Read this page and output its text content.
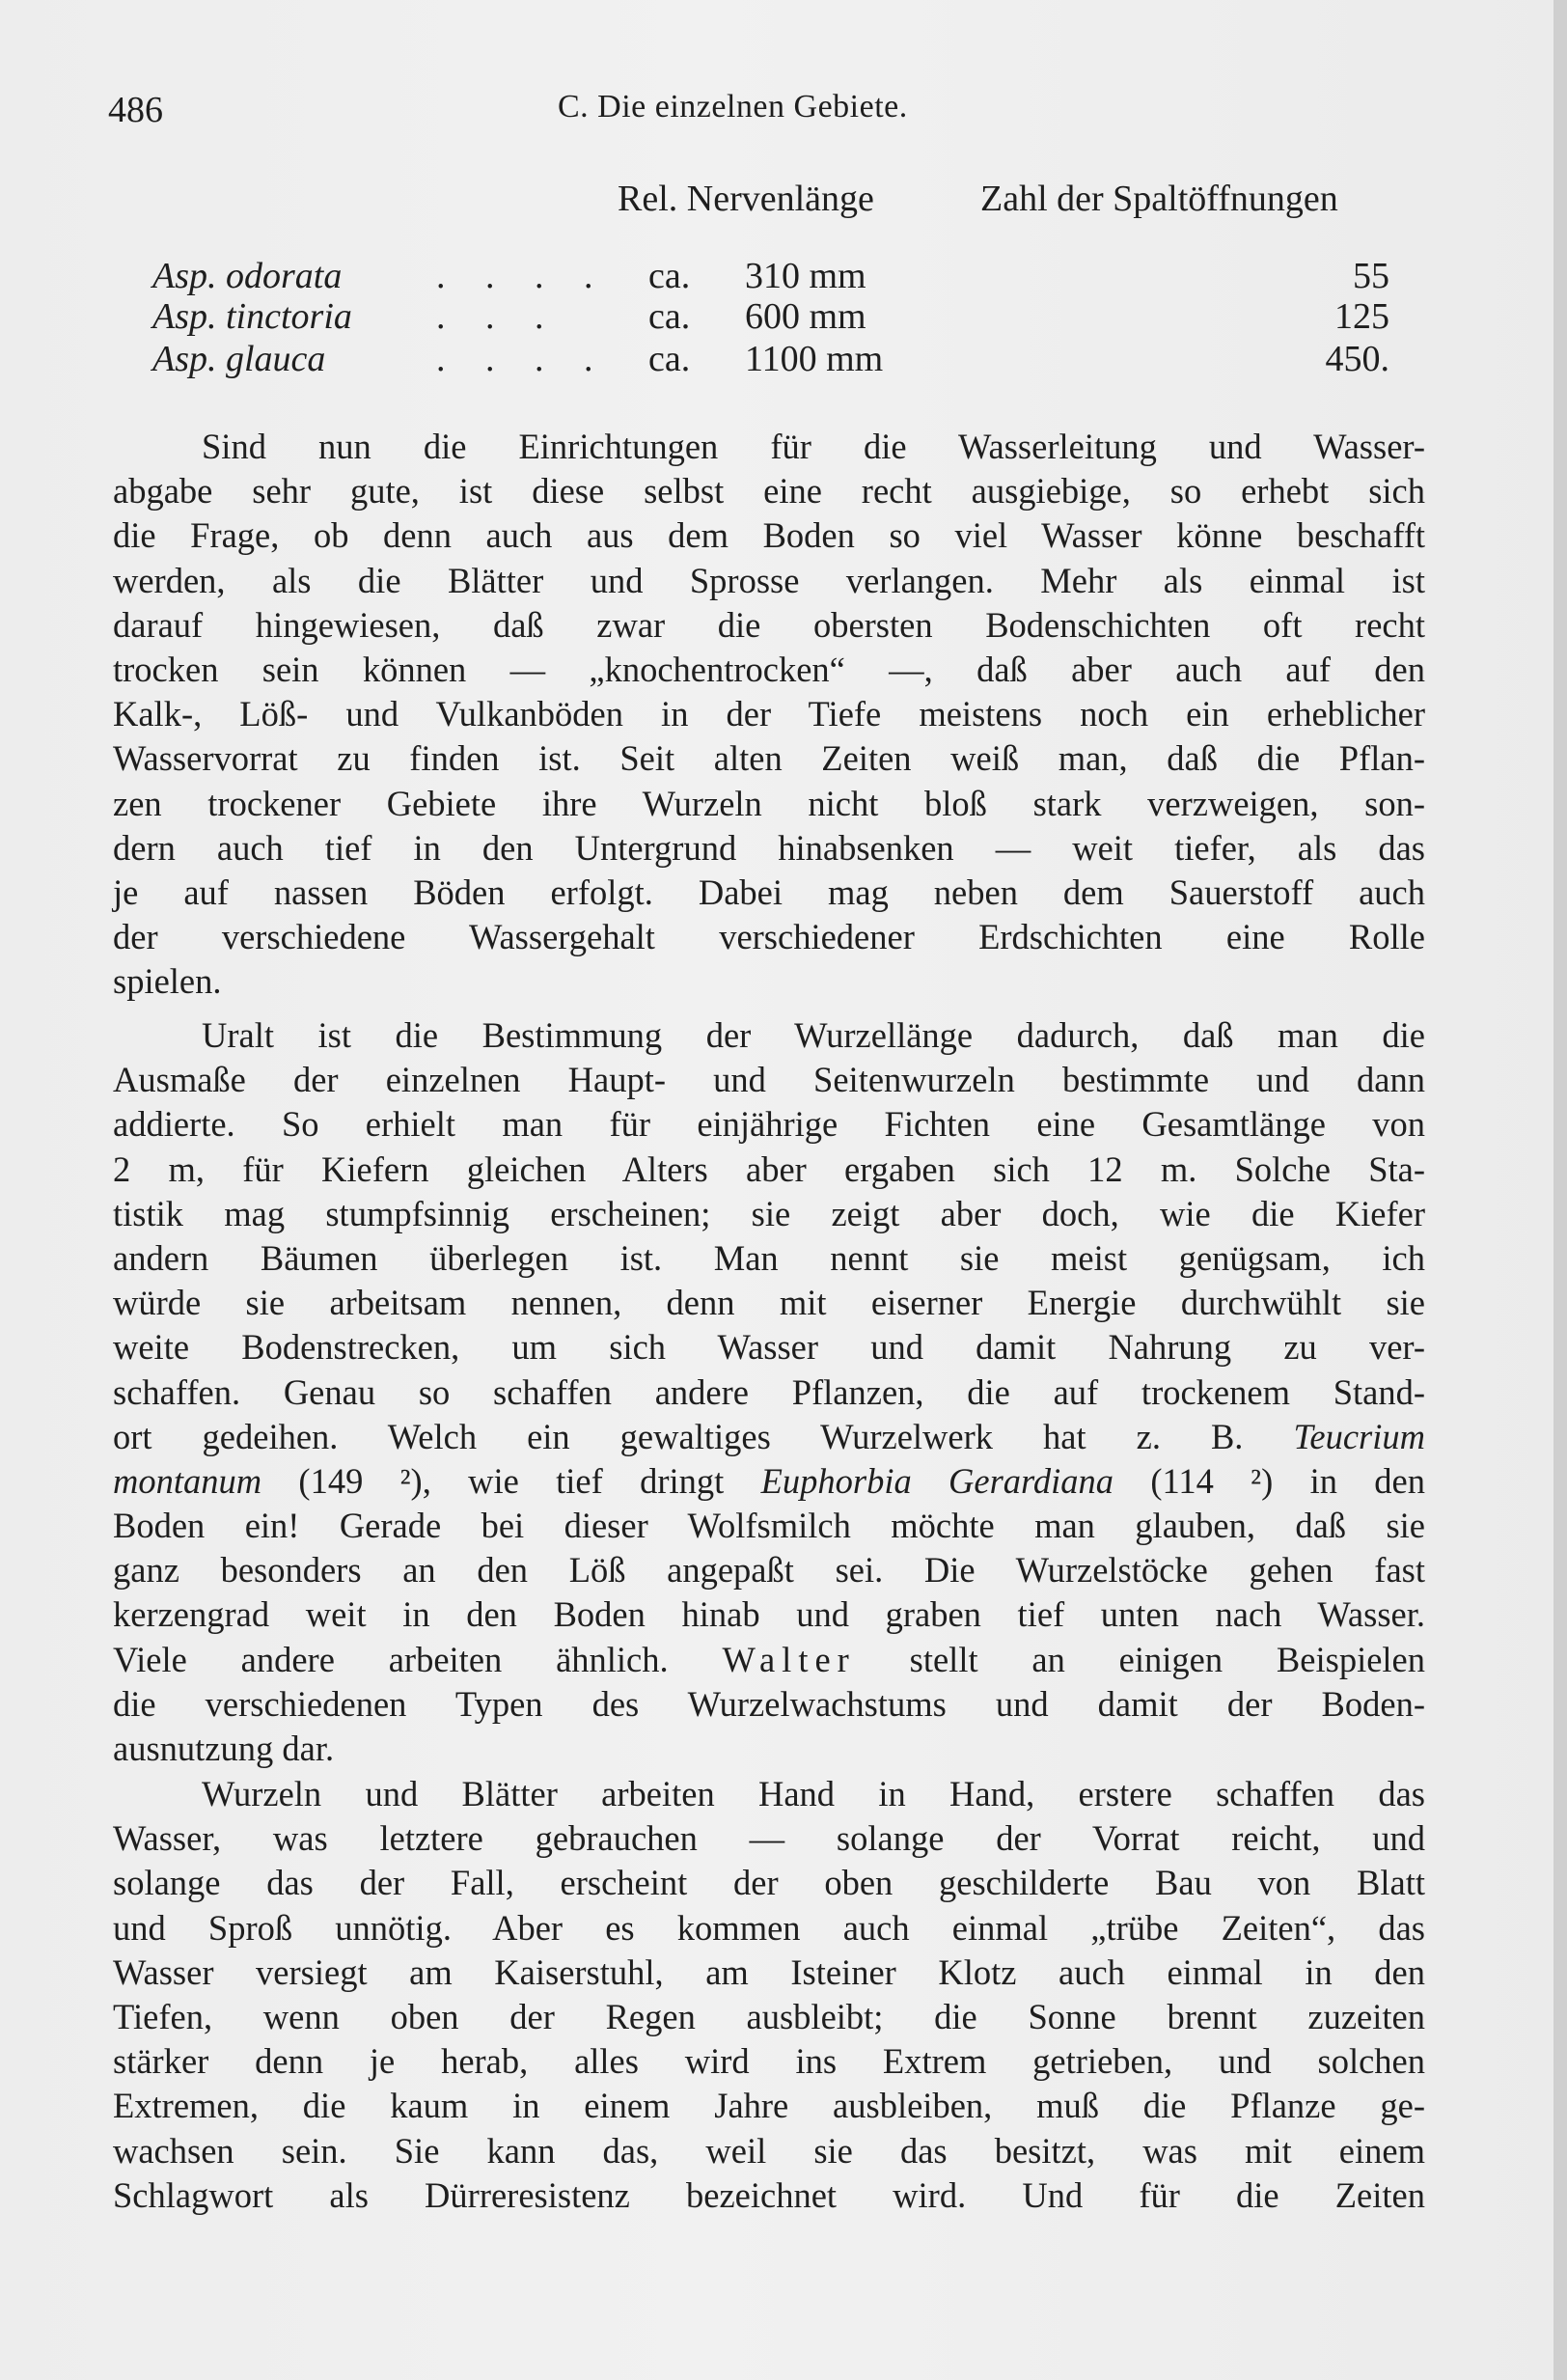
486	C. Die einzelnen Gebiete.
Rel. Nervenlänge	Zahl der Spaltöffnungen
Asp. odorata	. . . . ca. 310 mm	55
Asp. tinctoria . . . ca. 600 mm	125
Asp. glauca	. . . . ca. 1100 mm	450.
Sind nun die Einrichtungen für die Wasserleitung und Wasser-
abgabe sehr gute, ist diese selbst eine recht ausgiebige, so erhebt sich
die Frage, ob denn auch aus dem Boden so viel Wasser könne beschafft
werden, als die Blätter und Sprosse verlangen. Mehr als einmal ist
darauf hingewiesen, daß zwar die obersten Bodenschichten oft recht
trocken sein können — „knochentrocken“ —, daß aber auch auf den
Kalk-, Löß- und Vulkanböden in der Tiefe meistens noch ein erheblicher
Wasservorrat zu finden ist. Seit alten Zeiten weiß man, daß die Pflan-
zen trockener Gebiete ihre Wurzeln nicht bloß stark verzweigen, son-
dern auch tief in den Untergrund hinabsenken — weit tiefer, als das
je auf nassen Böden erfolgt. Dabei mag neben dem Sauerstoff auch
der verschiedene Wassergehalt verschiedener Erdschichten eine Rolle
spielen.
Uralt ist die Bestimmung der Wurzellänge dadurch, daß man die
Ausmaße der einzelnen Haupt- und Seitenwurzeln bestimmte und dann
addierte. So erhielt man für einjährige Fichten eine Gesamtlänge von
2 m, für Kiefern gleichen Alters aber ergaben sich 12 m. Solche Sta-
tistik mag stumpfsinnig erscheinen; sie zeigt aber doch, wie die Kiefer
andern Bäumen überlegen ist. Man nennt sie meist genügsam, ich
würde sie arbeitsam nennen, denn mit eiserner Energie durchwühlt sie
weite Bodenstrecken, um sich Wasser und damit Nahrung zu ver-
schaffen. Genau so schaffen andere Pflanzen, die auf trockenem Stand-
ort gedeihen. Welch ein gewaltiges Wurzelwerk hat z. B. Teucrium
montanum (149 ²), wie tief dringt Euphorbia Gerardiana (114 ²) in den
Boden ein! Gerade bei dieser Wolfsmilch möchte man glauben, daß sie
ganz besonders an den Löß angepaßt sei. Die Wurzelstöcke gehen fast
kerzengrad weit in den Boden hinab und graben tief unten nach Wasser.
Viele andere arbeiten ähnlich. Walter stellt an einigen Beispielen
die verschiedenen Typen des Wurzelwachstums und damit der Boden-
ausnutzung dar.
Wurzeln und Blätter arbeiten Hand in Hand, erstere schaffen das
Wasser, was letztere gebrauchen — solange der Vorrat reicht, und
solange das der Fall, erscheint der oben geschilderte Bau von Blatt
und Sproß unnötig. Aber es kommen auch einmal „trübe Zeiten“, das
Wasser versiegt am Kaiserstuhl, am Isteiner Klotz auch einmal in den
Tiefen, wenn oben der Regen ausbleibt; die Sonne brennt zuzeiten
stärker denn je herab, alles wird ins Extrem getrieben, und solchen
Extremen, die kaum in einem Jahre ausbleiben, muß die Pflanze ge-
wachsen sein. Sie kann das, weil sie das besitzt, was mit einem
Schlagwort als Dürreresistenz bezeichnet wird. Und für die Zeiten
